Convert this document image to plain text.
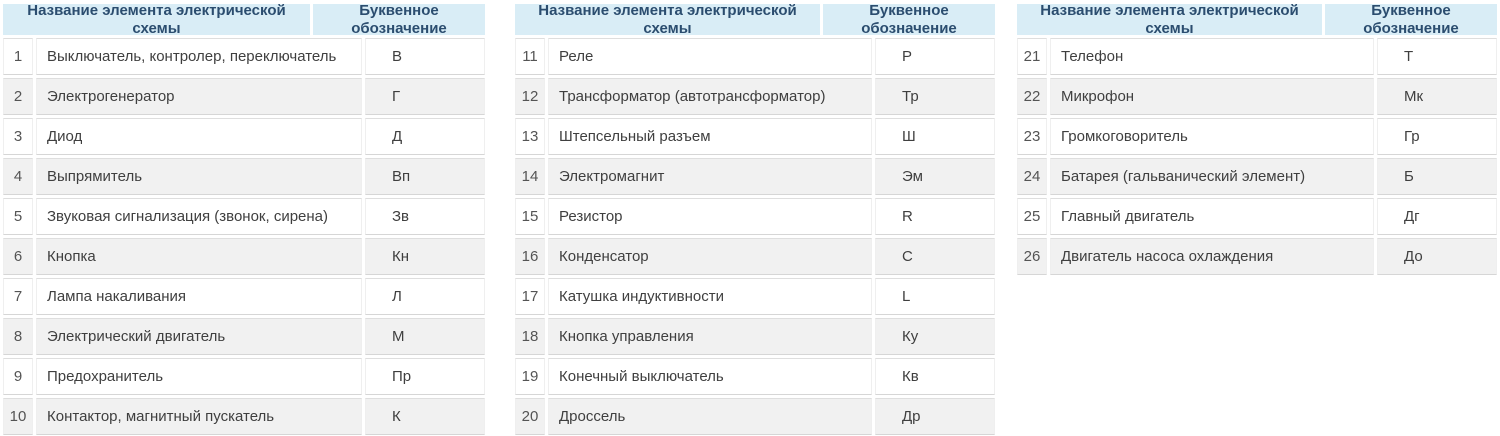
Название элемента электрической схемы
Буквенное обозначение
1	Выключатель, контролер, переключатель	В
2	Электрогенератор	Г
3	Диод	Д
4	Выпрямитель	Вп
5	Звуковая сигнализация (звонок, сирена)	Зв
6	Кнопка	Кн
7	Лампа накаливания	Л
8	Электрический двигатель	М
9	Предохранитель	Пр
10	Контактор, магнитный пускатель	К
Название элемента электрической схемы
Буквенное обозначение
11	Реле	Р
12	Трансформатор (автотрансформатор)	Тр
13	Штепсельный разъем	Ш
14	Электромагнит	Эм
15	Резистор	R
16	Конденсатор	C
17	Катушка индуктивности	L
18	Кнопка управления	Ку
19	Конечный выключатель	Кв
20	Дроссель	Др
Название элемента электрической схемы
Буквенное обозначение
21	Телефон	Т
22	Микрофон	Мк
23	Громкоговоритель	Гр
24	Батарея (гальванический элемент)	Б
25	Главный двигатель	Дг
26	Двигатель насоса охлаждения	До
